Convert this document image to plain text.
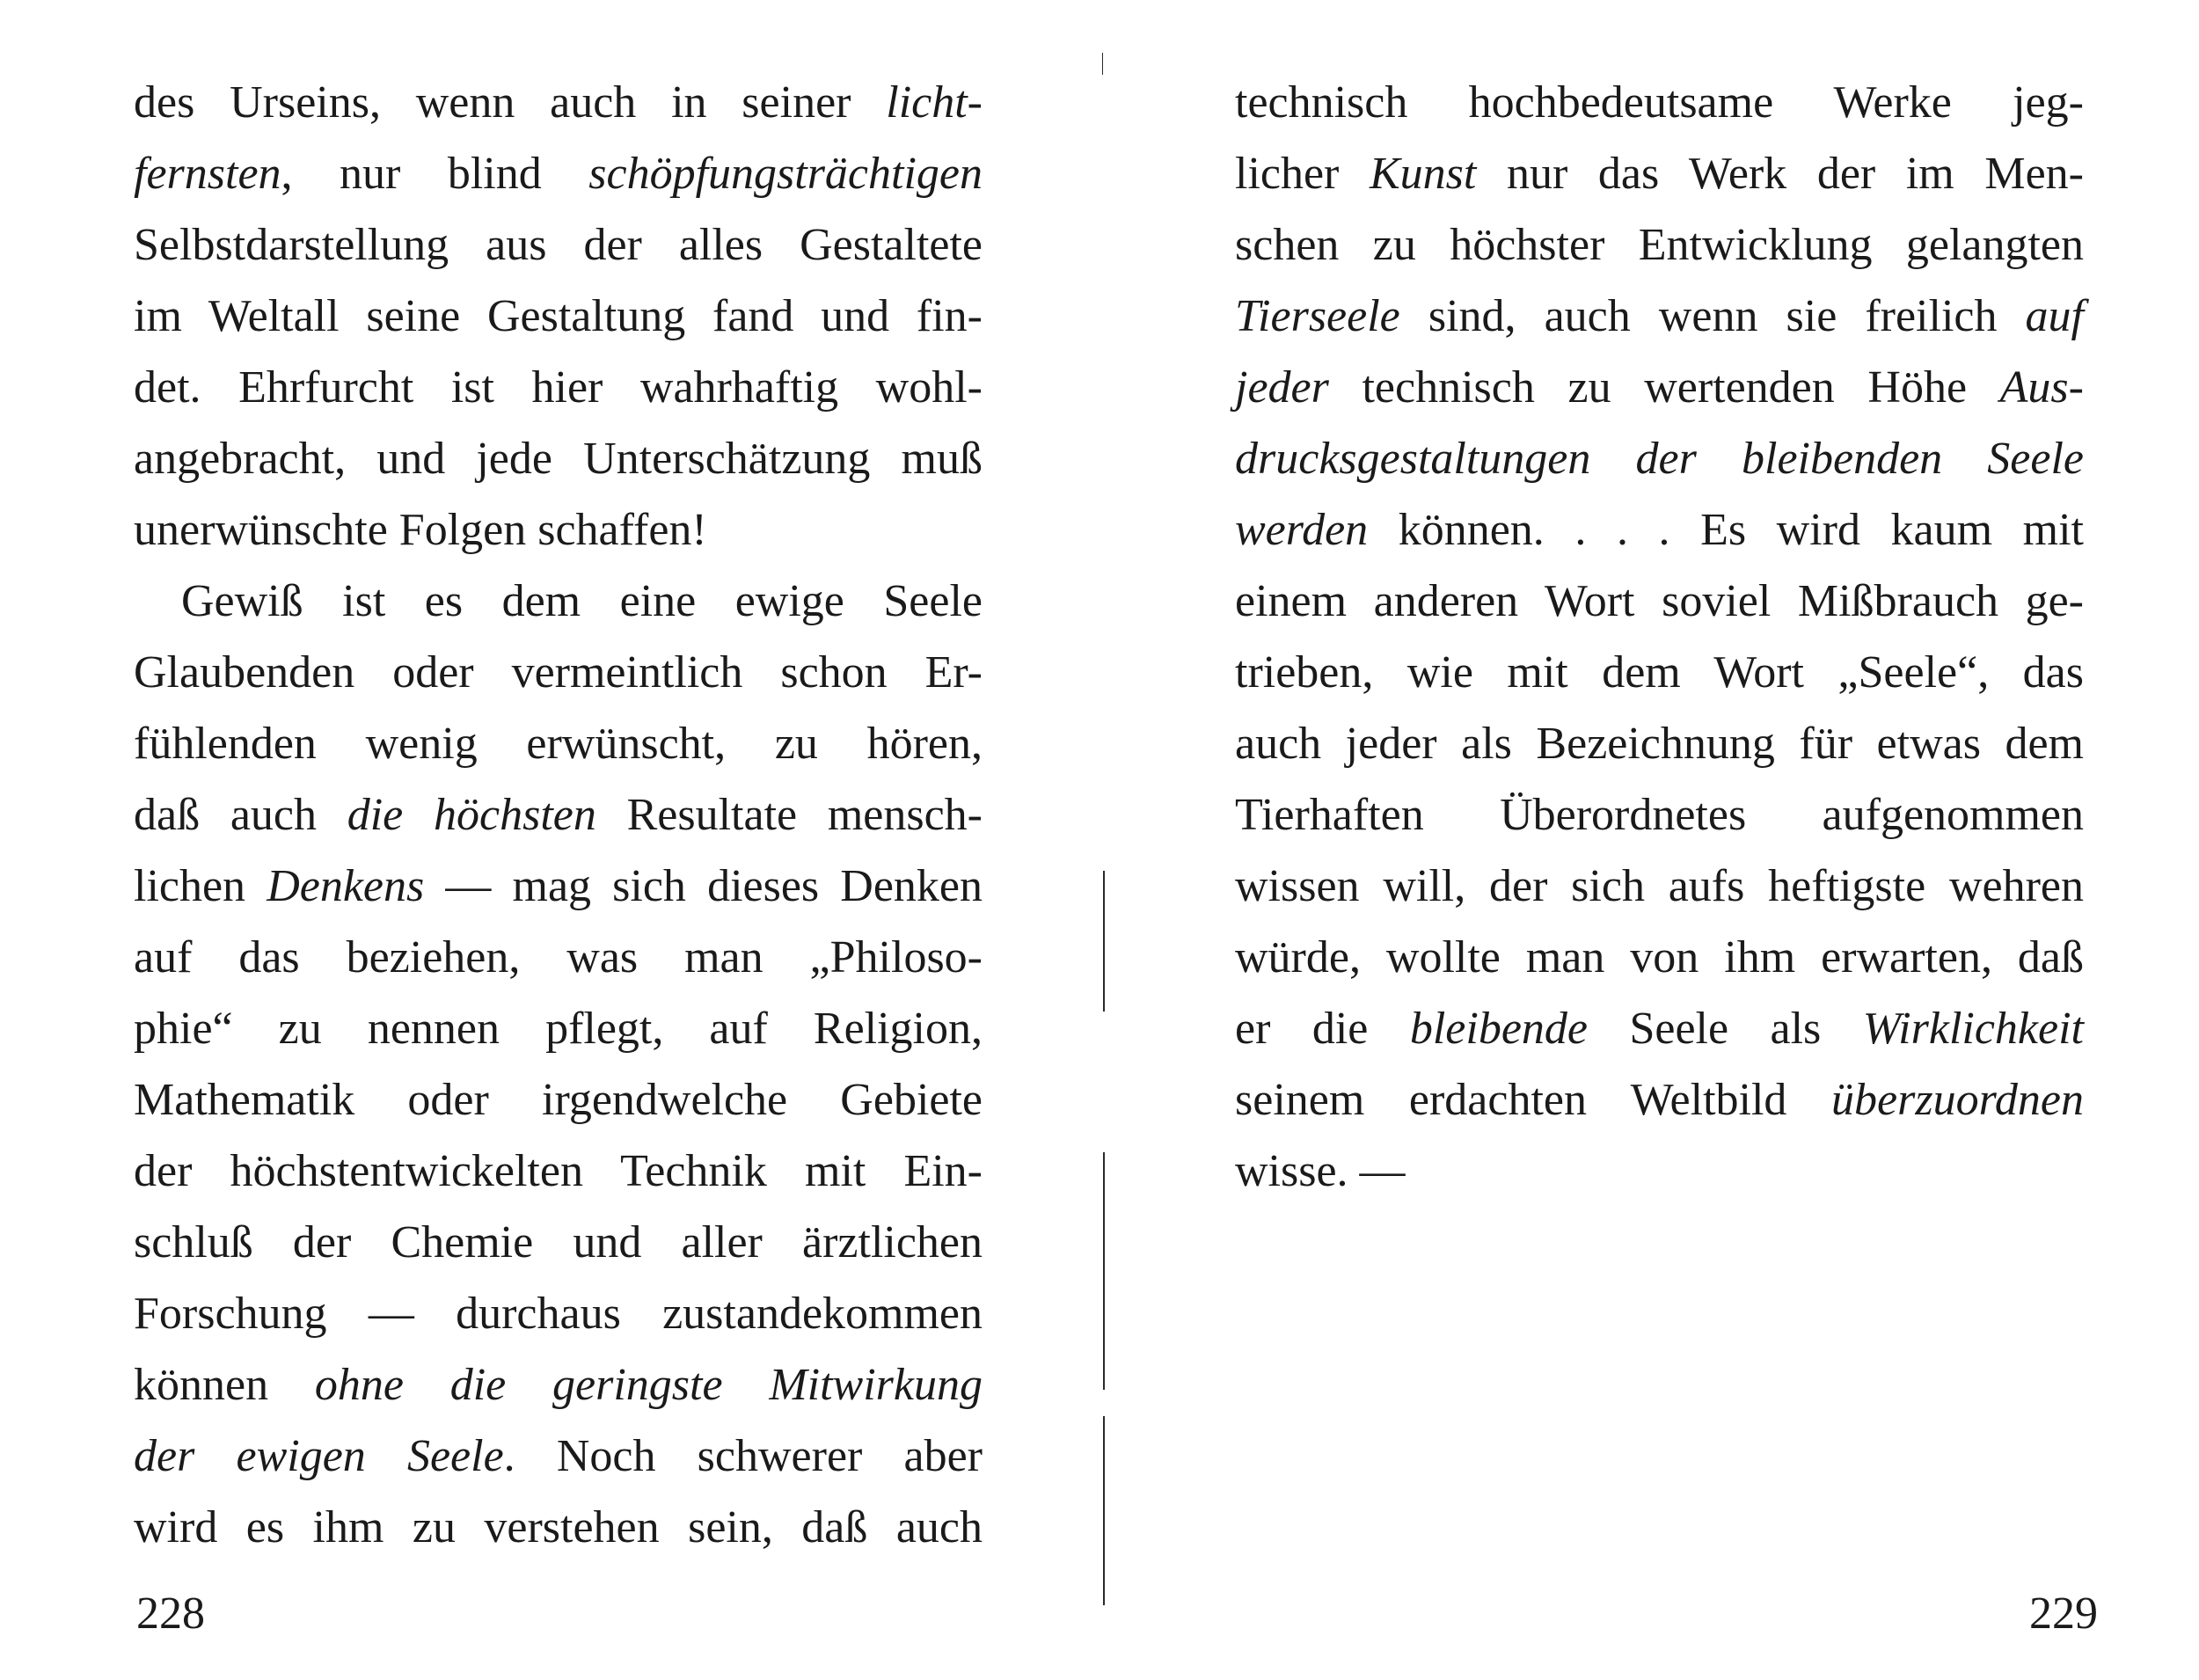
des Urseins, wenn auch in seiner licht-
fernsten, nur blind schöpfungsträchtigen
Selbstdarstellung aus der alles Gestaltete
im Weltall seine Gestaltung fand und fin-
det. Ehrfurcht ist hier wahrhaftig wohl-
angebracht, und jede Unterschätzung muß
unerwünschte Folgen schaffen!
Gewiß ist es dem eine ewige Seele
Glaubenden oder vermeintlich schon Er-
fühlenden wenig erwünscht, zu hören,
daß auch die höchsten Resultate mensch-
lichen Denkens — mag sich dieses Denken
auf das beziehen, was man „Philoso-
phie“ zu nennen pflegt, auf Religion,
Mathematik oder irgendwelche Gebiete
der höchstentwickelten Technik mit Ein-
schluß der Chemie und aller ärztlichen
Forschung — durchaus zustandekommen
können ohne die geringste Mitwirkung
der ewigen Seele. Noch schwerer aber
wird es ihm zu verstehen sein, daß auch
228
technisch hochbedeutsame Werke jeg-
licher Kunst nur das Werk der im Men-
schen zu höchster Entwicklung gelangten
Tierseele sind, auch wenn sie freilich auf
jeder technisch zu wertenden Höhe Aus-
drucksgestaltungen der bleibenden Seele
werden können. . . . Es wird kaum mit
einem anderen Wort soviel Mißbrauch ge-
trieben, wie mit dem Wort „Seele“, das
auch jeder als Bezeichnung für etwas dem
Tierhaften Überordnetes aufgenommen
wissen will, der sich aufs heftigste wehren
würde, wollte man von ihm erwarten, daß
er die bleibende Seele als Wirklichkeit
seinem erdachten Weltbild überzuordnen
wisse. —
229
